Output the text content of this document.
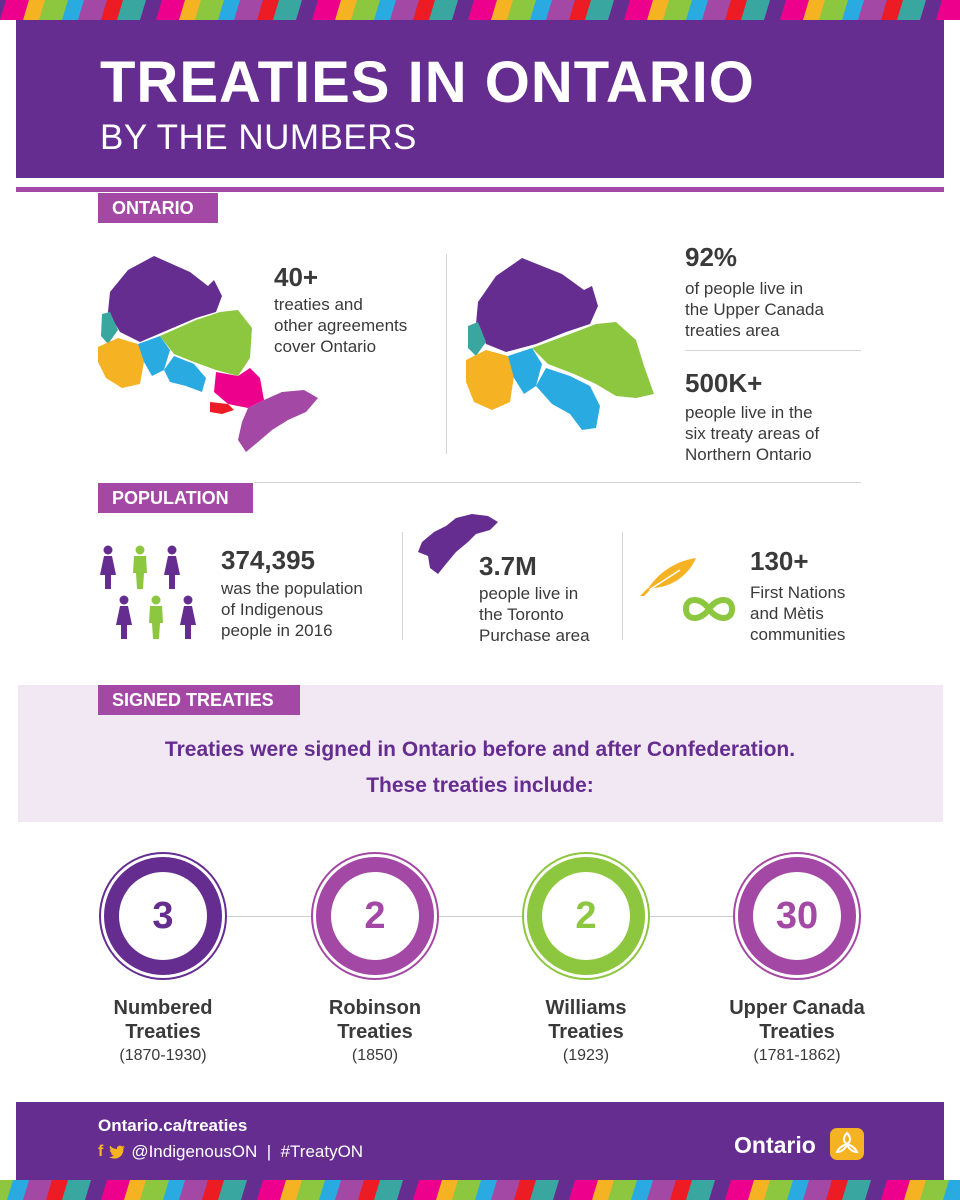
TREATIES IN ONTARIO
BY THE NUMBERS
ONTARIO
40+
treaties and
other agreements
cover Ontario
92%
of people live in
the Upper Canada
treaties area
500K+
people live in the
six treaty areas of
Northern Ontario
POPULATION
374,395
was the population
of Indigenous
people in 2016
3.7M
people live in
the Toronto
Purchase area
130+
First Nations
and Mètis
communities
SIGNED TREATIES
Treaties were signed in Ontario before and after Confederation.
These treaties include:
3
Numbered
Treaties
(1870-1930)
2
Robinson
Treaties
(1850)
2
Williams
Treaties
(1923)
30
Upper Canada
Treaties
(1781-1862)
Ontario.ca/treaties
f @IndigenousON  |  #TreatyON	Ontario
